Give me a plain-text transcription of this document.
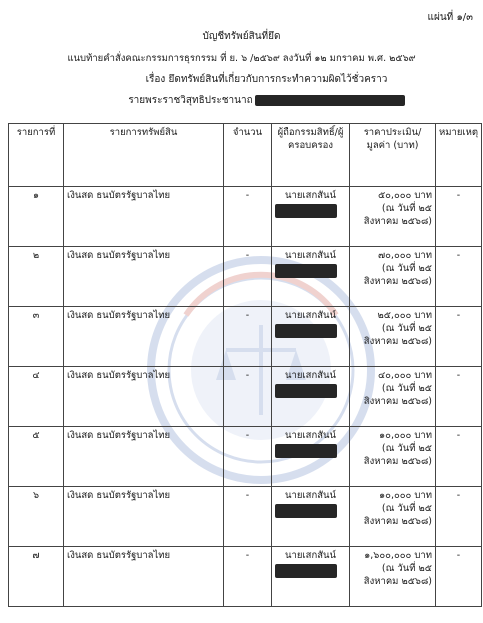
แผ่นที่ ๑/๓
บัญชีทรัพย์สินที่ยึด
แนบท้ายคำสั่งคณะกรรมการธุรกรรม ที่ ย. ๖ /๒๕๖๙ ลงวันที่ ๑๒ มกราคม พ.ศ. ๒๕๖๙
เรื่อง ยึดทรัพย์สินที่เกี่ยวกับการกระทำความผิดไว้ชั่วคราว
รายพระราชวิสุทธิประชานาถ
รายการที่	รายการทรัพย์สิน	จำนวน	ผู้ถือกรรมสิทธิ์/ผู้ครอบครอง	ราคาประเมิน/มูลค่า (บาท)	หมายเหตุ
๑	เงินสด ธนบัตรรัฐบาลไทย	-	นายเสกสันน์	๕๐,๐๐๐ บาท
(ณ วันที่ ๒๕ สิงหาคม ๒๕๖๘)	-
๒	เงินสด ธนบัตรรัฐบาลไทย	-	นายเสกสันน์	๗๐,๐๐๐ บาท
(ณ วันที่ ๒๕ สิงหาคม ๒๕๖๘)	-
๓	เงินสด ธนบัตรรัฐบาลไทย	-	นายเสกสันน์	๒๕,๐๐๐ บาท
(ณ วันที่ ๒๕ สิงหาคม ๒๕๖๘)	-
๔	เงินสด ธนบัตรรัฐบาลไทย	-	นายเสกสันน์	๔๐,๐๐๐ บาท
(ณ วันที่ ๒๕ สิงหาคม ๒๕๖๘)	-
๕	เงินสด ธนบัตรรัฐบาลไทย	-	นายเสกสันน์	๑๐,๐๐๐ บาท
(ณ วันที่ ๒๕ สิงหาคม ๒๕๖๘)	-
๖	เงินสด ธนบัตรรัฐบาลไทย	-	นายเสกสันน์	๑๐,๐๐๐ บาท
(ณ วันที่ ๒๕ สิงหาคม ๒๕๖๘)	-
๗	เงินสด ธนบัตรรัฐบาลไทย	-	นายเสกสันน์	๑,๖๐๐,๐๐๐ บาท
(ณ วันที่ ๒๕ สิงหาคม ๒๕๖๘)	-
